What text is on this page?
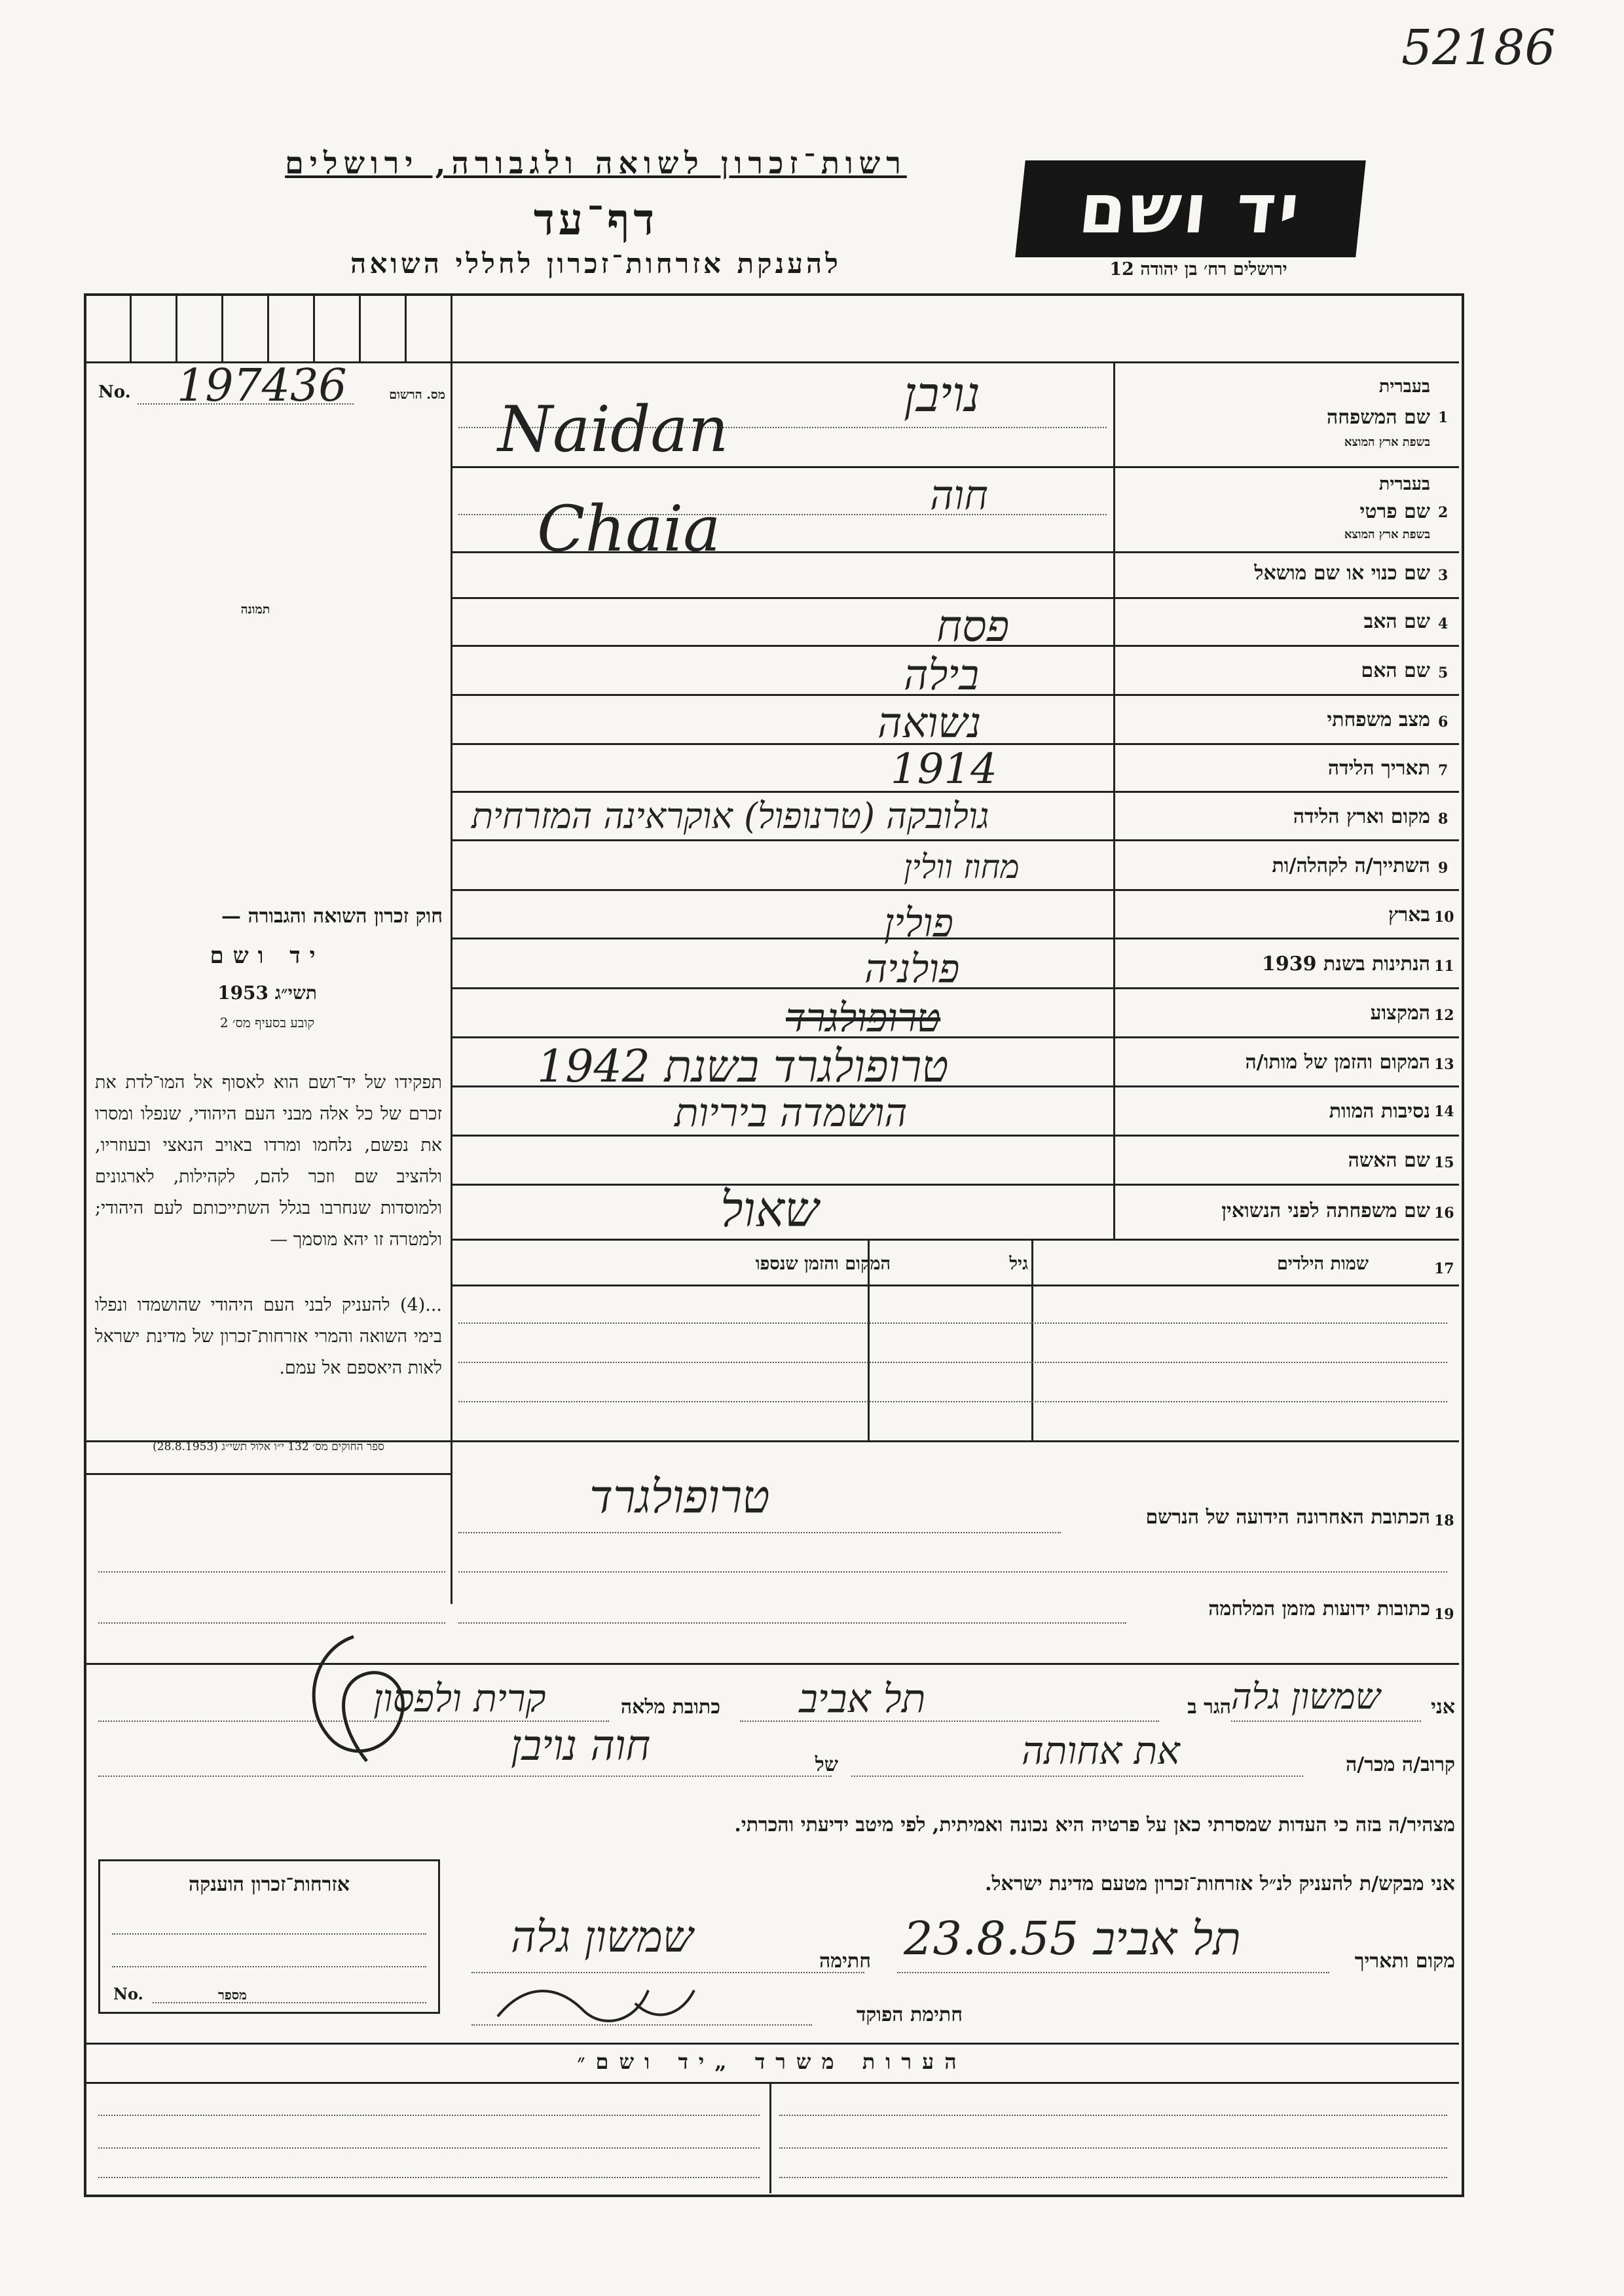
52186
רשות־זכרון לשואה ולגבורה, ירושלים
דף־עד
להענקת אזרחות־זכרון לחללי השואה
יד ושם
ירושלים רח׳ בן יהודה 12
No. 197436	מס. הרשום
תמונה
חוק זכרון השואה והגבורה —
יד ושם
תשי״ג 1953
קובע בסעיף מס׳ 2
תפקידו של יד־ושם הוא לאסוף אל המו־לדת את זכרם של כל אלה מבני העם היהודי, שנפלו ומסרו את נפשם, נלחמו ומרדו באויב הנאצי ובעוזריו, ולהציב שם וזכר להם, לקהילות, לארגונים ולמוסדות שנחרבו בגלל השתייכותם לעם היהודי; ולמטרה זו יהא מוסמך —
...(4) להעניק לבני העם היהודי שהושמדו ונפלו בימי השואה והמרי אזרחות־זכרון של מדינת ישראל לאות היאספם אל עמם.
ספר החוקים מס׳ 132 י״ו אלול תשי״ג (28.8.1953)
1
שם המשפחה
בעברית
בשפת ארץ המוצא
2
שם פרטי
בעברית
בשפת ארץ המוצא
3
שם כנוי או שם מושאל
4
שם האב
5
שם האם
6
מצב משפחתי
7
תאריך הלידה
8
מקום וארץ הלידה
9
השתייך/ה לקהלה/ות
10
בארץ
11
הנתינות בשנת 1939
12
המקצוע
13
המקום והזמן של מותו/ה
14
נסיבות המוות
15
שם האשה
16
שם משפחתה לפני הנשואין
נויבן
Naidan
חוה
Chaia
פסח
בילה
נשואה
1914
גולובקה (טרנופול) אוקראינה המזרחית
מחוז וולין
פולין
פולניה
טרופולגרד
טרופולגרד בשנת 1942
הושמדה ביריות
שאול
17
שמות הילדים
גיל
המקום והזמן שנספו
18
הכתובת האחרונה הידועה של הנרשם
טרופולגרד
19
כתובות ידועות מזמן המלחמה
אני
שמשון גלה
הגר ב
תל אביב
כתובת מלאה
קרית ולפסון
קרוב/ה מכר/ה
את אחותה
של
חוה נויבן
מצהיר/ה בזה כי העדות שמסרתי כאן על פרטיה היא נכונה ואמיתית, לפי מיטב ידיעתי והכרתי.
אני מבקש/ת להעניק לנ״ל אזרחות־זכרון מטעם מדינת ישראל.
אזרחות־זכרון הוענקה
No.	מספר
מקום ותאריך
תל אביב 23.8.55
חתימה
שמשון גלה
חתימת הפוקד
הערות משרד „יד ושם״
